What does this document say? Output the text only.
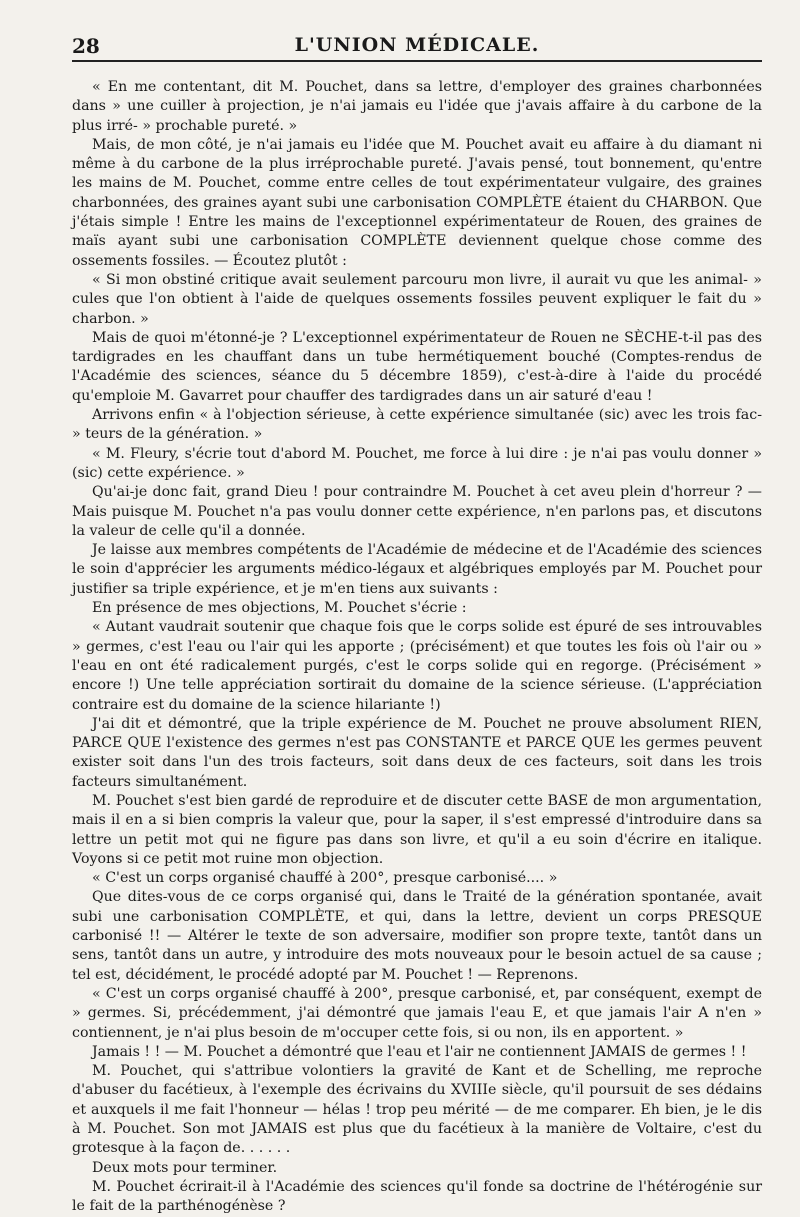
28	L'UNION MÉDICALE.

« En me contentant, dit M. Pouchet, dans sa lettre, d'employer des graines charbonnées dans » une cuiller à projection, je n'ai jamais eu l'idée que j'avais affaire à du carbone de la plus irré- » prochable pureté. »

Mais, de mon côté, je n'ai jamais eu l'idée que M. Pouchet avait eu affaire à du diamant ni même à du carbone de la plus irréprochable pureté. J'avais pensé, tout bonnement, qu'entre les mains de M. Pouchet, comme entre celles de tout expérimentateur vulgaire, des graines charbonnées, des graines ayant subi une carbonisation COMPLÈTE étaient du CHARBON. Que j'étais simple ! Entre les mains de l'exceptionnel expérimentateur de Rouen, des graines de maïs ayant subi une carbonisation COMPLÈTE deviennent quelque chose comme des ossements fossiles. — Écoutez plutôt :

« Si mon obstiné critique avait seulement parcouru mon livre, il aurait vu que les animal- » cules que l'on obtient à l'aide de quelques ossements fossiles peuvent expliquer le fait du » charbon. »

Mais de quoi m'étonné-je ? L'exceptionnel expérimentateur de Rouen ne SÈCHE-t-il pas des tardigrades en les chauffant dans un tube hermétiquement bouché (Comptes-rendus de l'Académie des sciences, séance du 5 décembre 1859), c'est-à-dire à l'aide du procédé qu'emploie M. Gavarret pour chauffer des tardigrades dans un air saturé d'eau !

Arrivons enfin « à l'objection sérieuse, à cette expérience simultanée (sic) avec les trois fac- » teurs de la génération. »

« M. Fleury, s'écrie tout d'abord M. Pouchet, me force à lui dire : je n'ai pas voulu donner » (sic) cette expérience. »

Qu'ai-je donc fait, grand Dieu ! pour contraindre M. Pouchet à cet aveu plein d'horreur ? — Mais puisque M. Pouchet n'a pas voulu donner cette expérience, n'en parlons pas, et discutons la valeur de celle qu'il a donnée.

Je laisse aux membres compétents de l'Académie de médecine et de l'Académie des sciences le soin d'apprécier les arguments médico-légaux et algébriques employés par M. Pouchet pour justifier sa triple expérience, et je m'en tiens aux suivants :

En présence de mes objections, M. Pouchet s'écrie :

« Autant vaudrait soutenir que chaque fois que le corps solide est épuré de ses introuvables » germes, c'est l'eau ou l'air qui les apporte ; (précisément) et que toutes les fois où l'air ou » l'eau en ont été radicalement purgés, c'est le corps solide qui en regorge. (Précisément » encore !) Une telle appréciation sortirait du domaine de la science sérieuse. (L'appréciation contraire est du domaine de la science hilariante !)

J'ai dit et démontré, que la triple expérience de M. Pouchet ne prouve absolument RIEN, PARCE QUE l'existence des germes n'est pas CONSTANTE et PARCE QUE les germes peuvent exister soit dans l'un des trois facteurs, soit dans deux de ces facteurs, soit dans les trois facteurs simultanément.

M. Pouchet s'est bien gardé de reproduire et de discuter cette BASE de mon argumentation, mais il en a si bien compris la valeur que, pour la saper, il s'est empressé d'introduire dans sa lettre un petit mot qui ne figure pas dans son livre, et qu'il a eu soin d'écrire en italique. Voyons si ce petit mot ruine mon objection.

« C'est un corps organisé chauffé à 200°, presque carbonisé.... »

Que dites-vous de ce corps organisé qui, dans le Traité de la génération spontanée, avait subi une carbonisation COMPLÈTE, et qui, dans la lettre, devient un corps PRESQUE carbonisé !! — Altérer le texte de son adversaire, modifier son propre texte, tantôt dans un sens, tantôt dans un autre, y introduire des mots nouveaux pour le besoin actuel de sa cause ; tel est, décidément, le procédé adopté par M. Pouchet ! — Reprenons.

« C'est un corps organisé chauffé à 200°, presque carbonisé, et, par conséquent, exempt de » germes. Si, précédemment, j'ai démontré que jamais l'eau E, et que jamais l'air A n'en » contiennent, je n'ai plus besoin de m'occuper cette fois, si ou non, ils en apportent. »

Jamais ! ! — M. Pouchet a démontré que l'eau et l'air ne contiennent JAMAIS de germes ! !

M. Pouchet, qui s'attribue volontiers la gravité de Kant et de Schelling, me reproche d'abuser du facétieux, à l'exemple des écrivains du XVIIIe siècle, qu'il poursuit de ses dédains et auxquels il me fait l'honneur — hélas ! trop peu mérité — de me comparer. Eh bien, je le dis à M. Pouchet. Son mot JAMAIS est plus que du facétieux à la manière de Voltaire, c'est du grotesque à la façon de. . . . . .

Deux mots pour terminer.

M. Pouchet écrirait-il à l'Académie des sciences qu'il fonde sa doctrine de l'hétérogénie sur le fait de la parthénogénèse ?
